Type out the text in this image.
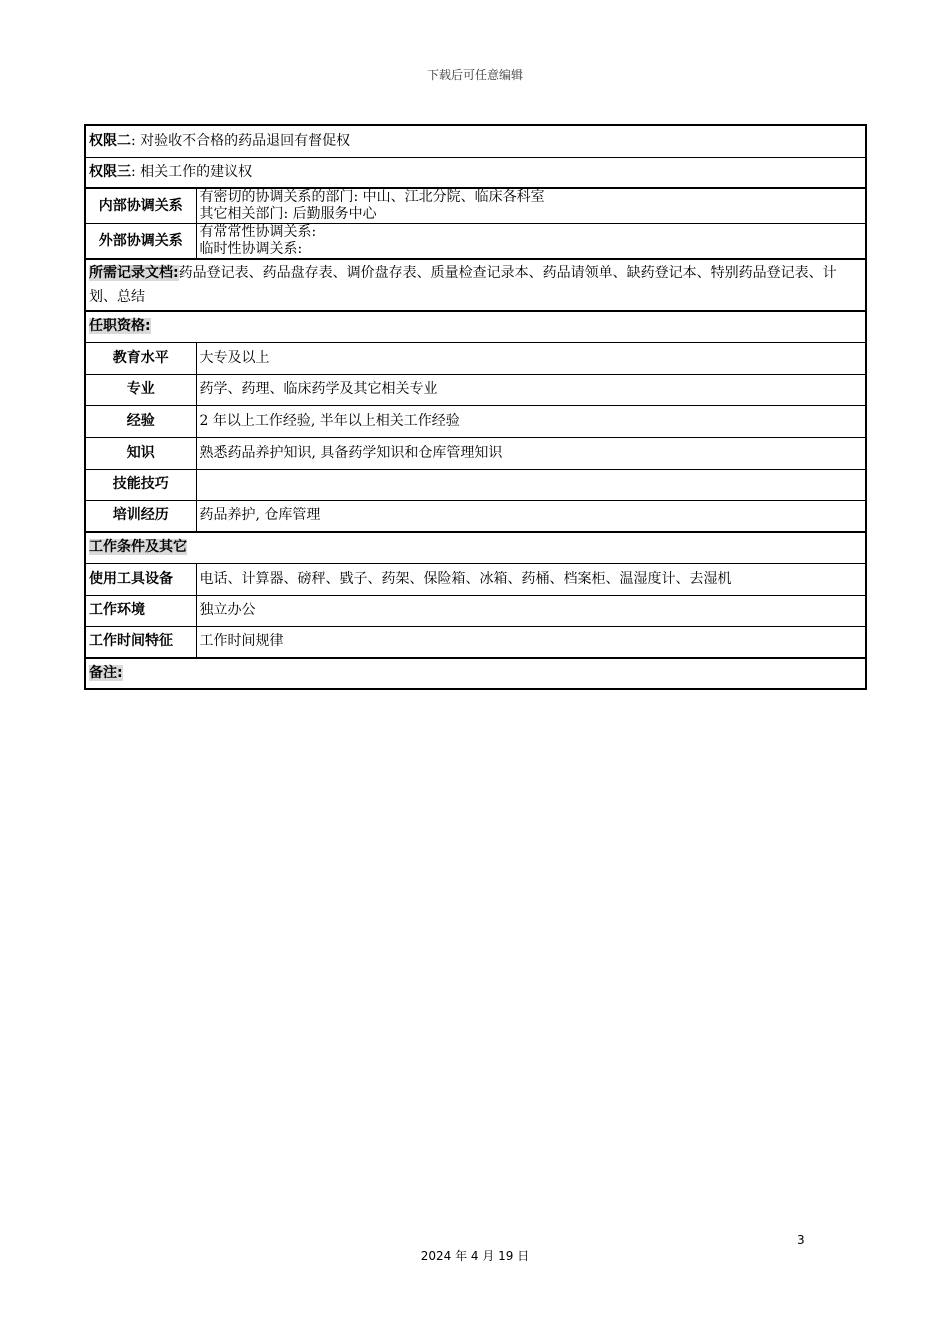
下载后可任意编辑
权限二: 对验收不合格的药品退回有督促权	
权限三: 相关工作的建议权	
内部协调关系	有密切的协调关系的部门: 中山、江北分院、临床各科室
其它相关部门: 后勤服务中心

外部协调关系	有常常性协调关系:
临时性协调关系:

所需记录文档:药品登记表、药品盘存表、调价盘存表、质量检查记录本、药品请领单、缺药登记本、特别药品登记表、计划、总结	
任职资格:	
教育水平	大专及以上
专业	药学、药理、临床药学及其它相关专业
经验	2 年以上工作经验, 半年以上相关工作经验
知识	熟悉药品养护知识, 具备药学知识和仓库管理知识
技能技巧	
培训经历	药品养护, 仓库管理
工作条件及其它	
使用工具设备	电话、计算器、磅秤、戥子、药架、保险箱、冰箱、药桶、档案柜、温湿度计、去湿机
工作环境	独立办公
工作时间特征	工作时间规律
备注:	
3
2024 年 4 月 19 日
